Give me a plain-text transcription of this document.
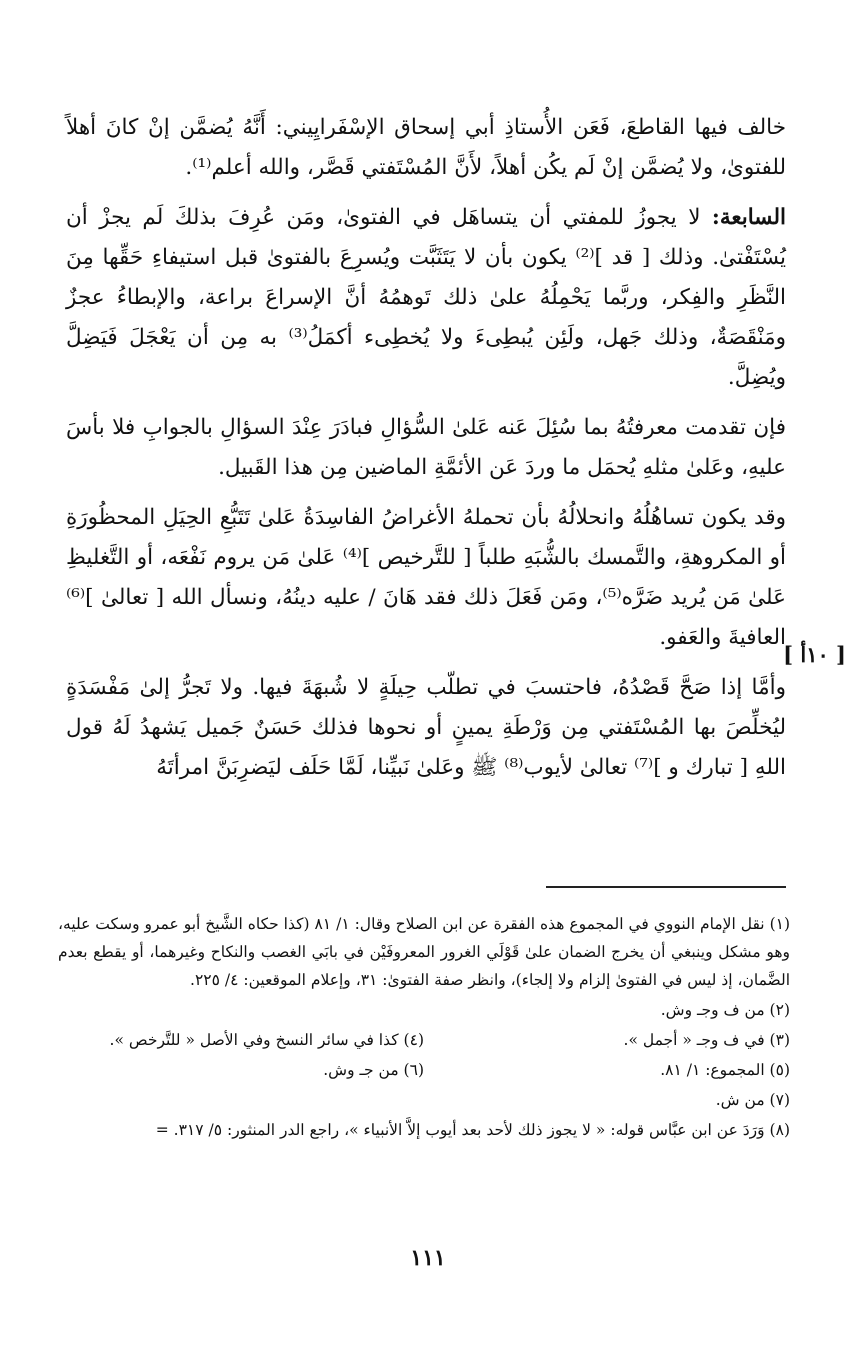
خالف فيها القاطعَ، فَعَن الأُستاذِ أبي إسحاق الإسْفَرايِيني: أَنَّهُ يُضمَّن إنْ كانَ أهلاً للفتوىٰ، ولا يُضمَّن إنْ لَم يكُن أهلاً، لأَنَّ المُسْتَفتي قَصَّر، والله أعلم⁽¹⁾.

السابعة: لا يجوزُ للمفتي أن يتساهَل في الفتوىٰ، ومَن عُرِفَ بذلكَ لَم يجزْ أن يُسْتَفْتىٰ. وذلك [ قد ]⁽²⁾ يكون بأن لا يَتَثَبَّت ويُسرِعَ بالفتوىٰ قبل استيفاءِ حَقِّها مِنَ النَّظَرِ والفِكر، وربَّما يَحْمِلُهُ علىٰ ذلك تَوهمُهُ أنَّ الإسراعَ براعة، والإبطاءُ عجزٌ ومَنْقَصَةٌ، وذلك جَهل، ولَئِن يُبطِىءَ ولا يُخطِىء أكمَلُ⁽³⁾ به مِن أن يَعْجَلَ فَيَضِلَّ ويُضِلَّ.

فإن تقدمت معرفتُهُ بما سُئِلَ عَنه عَلىٰ السُّؤالِ فبادَرَ عِنْدَ السؤالِ بالجوابِ فلا بأسَ عليهِ، وعَلىٰ مثلهِ يُحمَل ما وردَ عَن الأئمَّةِ الماضين مِن هذا القَبيل.

وقد يكون تساهُلُهُ وانحلالُهُ بأن تحملهُ الأغراضُ الفاسِدَةُ عَلىٰ تَتَبُّعِ الحِيَلِ المحظُورَةِ أو المكروهةِ، والتَّمسك بالشُّبَهِ طلباً [ للتَّرخيص ]⁽⁴⁾ عَلىٰ مَن يروم نَفْعَه، أو التَّغليظِ عَلىٰ مَن يُريد ضَرَّه⁽⁵⁾، ومَن فَعَلَ ذلك فقد هَانَ / عليه دينُهُ، ونسأل الله [ تعالىٰ ]⁽⁶⁾ العافيةَ والعَفو.

وأمَّا إذا صَحَّ قَصْدُهُ، فاحتسبَ في تطلّب حِيلَةٍ لا شُبهَةَ فيها. ولا تَجرُّ إلىٰ مَفْسَدَةٍ ليُخلِّصَ بها المُسْتَفتي مِن وَرْطَةِ يمينٍ أو نحوها فذلك حَسَنٌ جَميل يَشهدُ لَهُ قول اللهِ [ تبارك و ]⁽⁷⁾ تعالىٰ لأيوب⁽⁸⁾ ﷺ وعَلىٰ نَبيِّنا، لَمَّا حَلَف ليَضرِبَنَّ امرأتَهُ

[ ١٠أ ]

(١) نقل الإمام النووي في المجموع هذه الفقرة عن ابن الصلاح وقال: ١/ ٨١ (كذا حكاه الشَّيخ أبو عمرو وسكت عليه، وهو مشكل وينبغي أن يخرج الضمان علىٰ قَوْلَي الغرور المعروفَيْن في بابَي الغصب والنكاح وغيرهما، أو يقطع بعدم الضَّمان، إذ ليس في الفتوىٰ إلزام ولا إلجاء)، وانظر صفة الفتوىٰ: ٣١، وإعلام الموقعين: ٤/ ٢٢٥.

(٢) من ف وجـ وش.

(٣) في ف وجـ « أجمل ».

(٤) كذا في سائر النسخ وفي الأصل « للتَّرخص ».

(٥) المجموع: ١/ ٨١.

(٦) من جـ وش.

(٧) من ش.

(٨) وَرَدَ عن ابن عبَّاس قوله: « لا يجوز ذلك لأحد بعد أيوب إلاَّ الأنبياء »، راجع الدر المنثور: ٥/ ٣١٧. =

١١١
